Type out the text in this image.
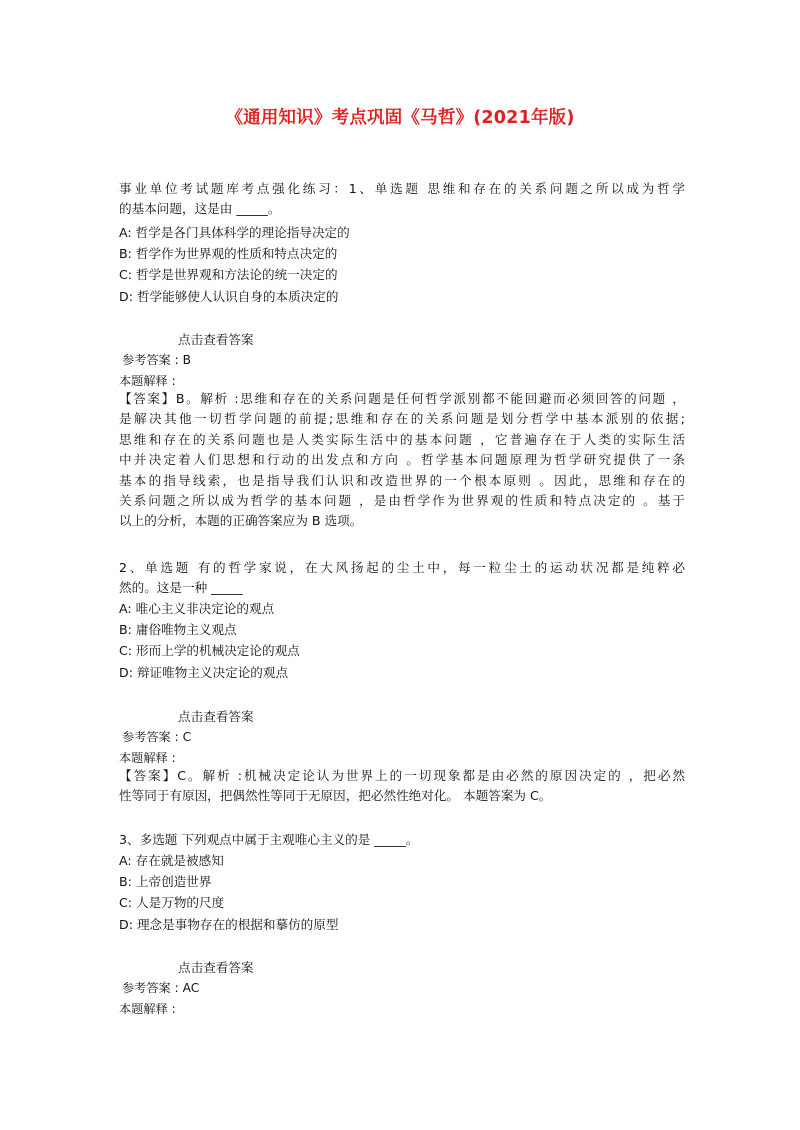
《通用知识》考点巩固《马哲》(2021年版)
事业单位考试题库考点强化练习：1、单选题 思维和存在的关系问题之所以成为哲学
的基本问题，这是由 _____。
A: 哲学是各门具体科学的理论指导决定的
B: 哲学作为世界观的性质和特点决定的
C: 哲学是世界观和方法论的统一决定的
D: 哲学能够使人认识自身的本质决定的
点击查看答案
参考答案 : B
本题解释 :
【答案】B。解析 :思维和存在的关系问题是任何哲学派别都不能回避而必须回答的问题 ，
是解决其他一切哲学问题的前提;思维和存在的关系问题是划分哲学中基本派别的依据;
思维和存在的关系问题也是人类实际生活中的基本问题 ，它普遍存在于人类的实际生活
中并决定着人们思想和行动的出发点和方向 。哲学基本问题原理为哲学研究提供了一条
基本的指导线索，也是指导我们认识和改造世界的一个根本原则 。因此，思维和存在的
关系问题之所以成为哲学的基本问题 ，是由哲学作为世界观的性质和特点决定的 。基于
以上的分析，本题的正确答案应为 B 选项。
2、单选题 有的哲学家说，在大风扬起的尘土中，每一粒尘土的运动状况都是纯粹必
然的。这是一种 _____
A: 唯心主义非决定论的观点
B: 庸俗唯物主义观点
C: 形而上学的机械决定论的观点
D: 辩证唯物主义决定论的观点
点击查看答案
参考答案 : C
本题解释 :
【答案】C。解析 :机械决定论认为世界上的一切现象都是由必然的原因决定的 ，把必然
性等同于有原因，把偶然性等同于无原因，把必然性绝对化。 本题答案为 C。
3、多选题 下列观点中属于主观唯心主义的是 _____。
A: 存在就是被感知
B: 上帝创造世界
C: 人是万物的尺度
D: 理念是事物存在的根据和摹仿的原型
点击查看答案
参考答案 : AC
本题解释 :
